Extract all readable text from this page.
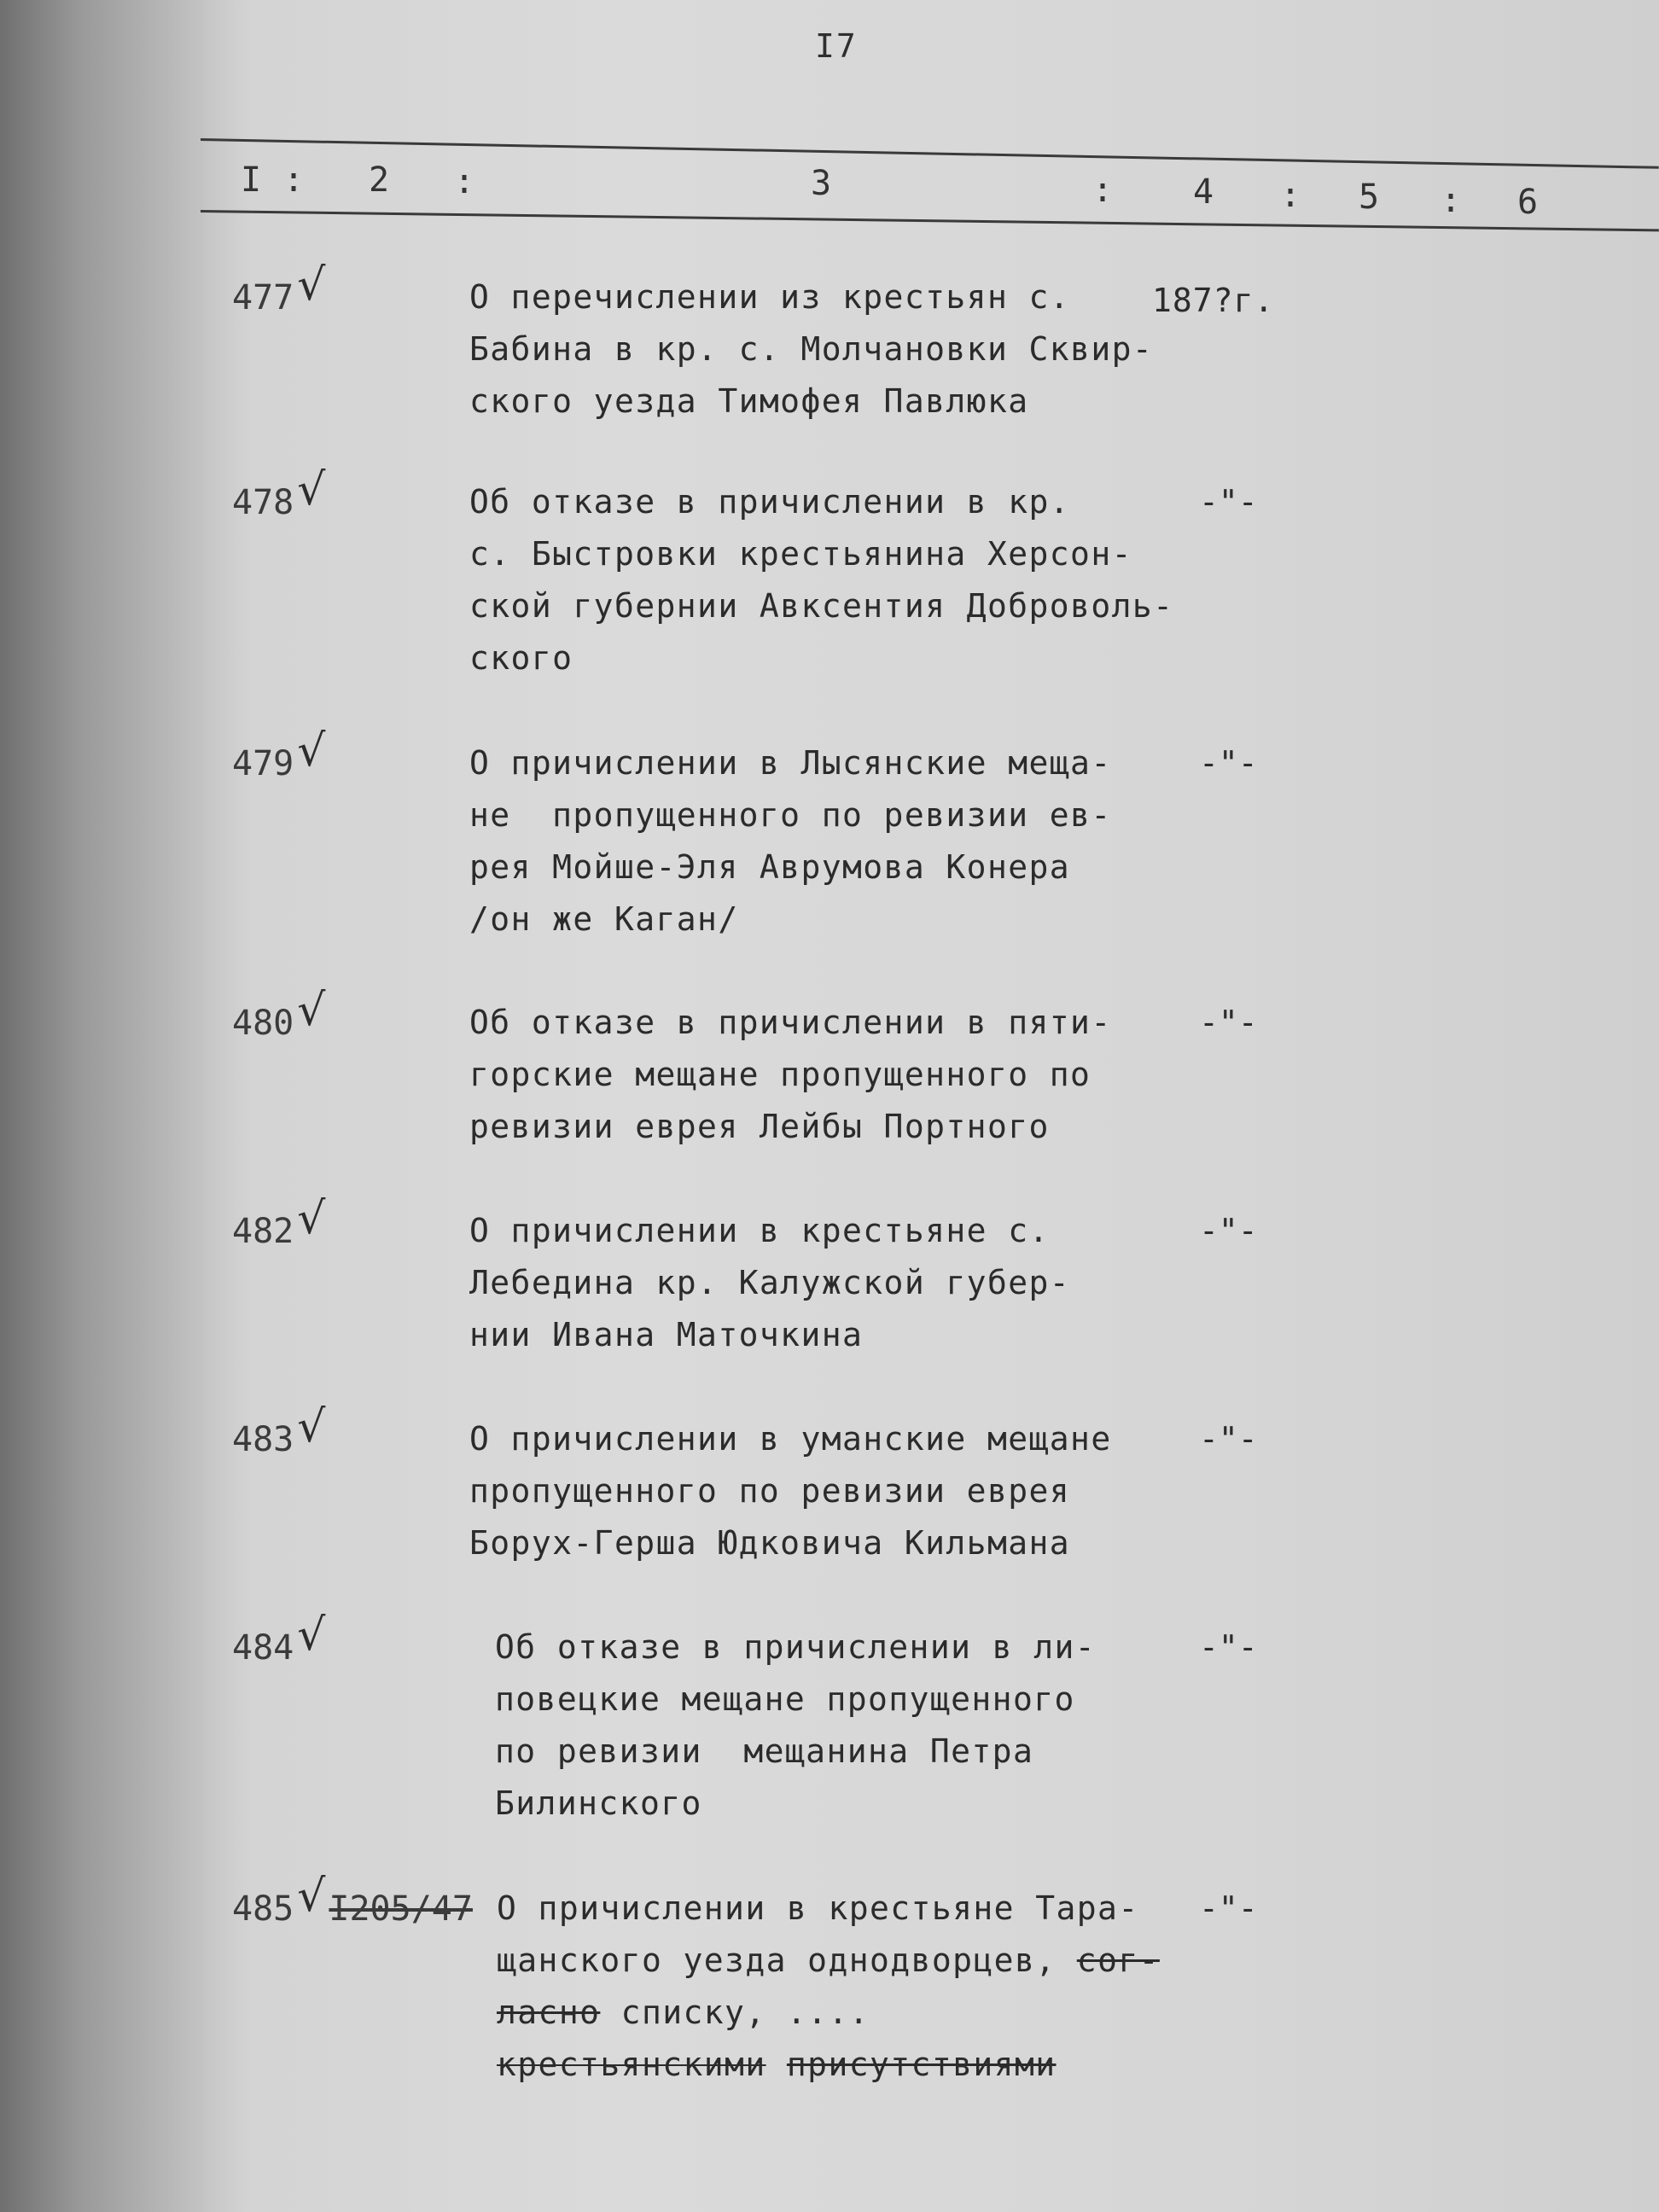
I7
I : 2 :	3	: 4 : 5 : 6
477 √	О перечислении из крестьян с.
Бабина в кр. с. Молчановки Сквир-
ского уезда Тимофея Павлюка
187?г.
478 √	Об отказе в причислении в кр.
с. Быстровки крестьянина Херсон-
ской губернии Авксентия Доброволь-
ского
-"-
479 √	О причислении в Лысянские меща-
не  пропущенного по ревизии ев-
рея Мойше-Эля Аврумова Конера
/он же Каган/
-"-
480 √	Об отказе в причислении в пяти-
горские мещане пропущенного по
ревизии еврея Лейбы Портного
-"-
482 √	О причислении в крестьяне с.
Лебедина кр. Калужской губер-
нии Ивана Маточкина
-"-
483 √	О причислении в уманские мещане
пропущенного по ревизии еврея
Борух-Герша Юдковича Кильмана
-"-
484 √	Об отказе в причислении в ли-
повецкие мещане пропущенного
по ревизии  мещанина Петра
Билинского
-"-
485 √ I205/47 О причислении в крестьяне Тара-
щанского уезда однодворцев, сог-
ласно списку, ....
крестьянскими присутствиями
-"-
